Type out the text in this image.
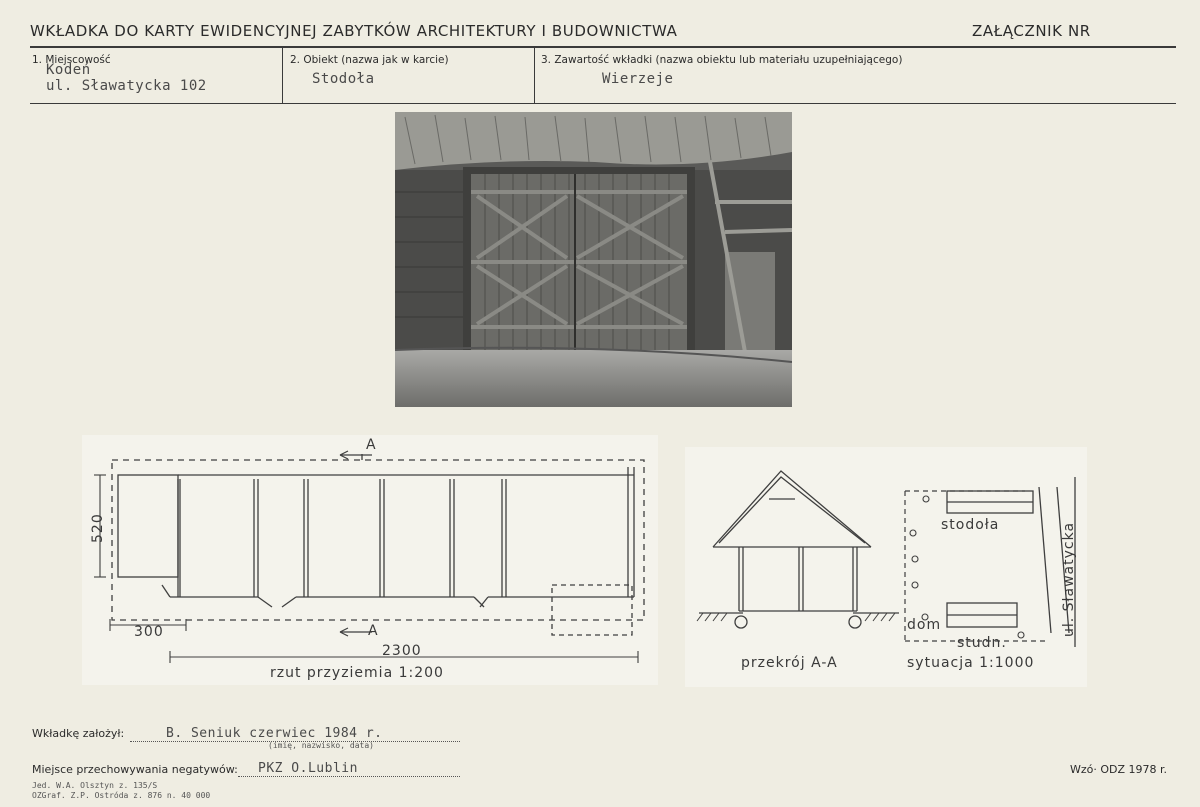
WKŁADKA DO KARTY EWIDENCYJNEJ ZABYTKÓW ARCHITEKTURY I BUDOWNICTWA	ZAŁĄCZNIK NR
1. Miejscowość
Kodeń
ul. Sławatycka 102
2. Obiekt (nazwa jak w karcie)
Stodoła
3. Zawartość wkładki (nazwa obiektu lub materiału uzupełniającego)
Wierzeje
A
A
520
300
2300
rzut przyziemia 1:200
przekrój A-A
stodoła
dom
studn.
ul. Sławatycka
sytuacja 1:1000
Wkładkę założył:	B. Seniuk czerwiec 1984 r.
(imię, nazwisko, data)
Miejsce przechowywania negatywów: PKZ O.Lublin
Jed. W.A. Olsztyn z. 135/S
OZGraf. Z.P. Ostróda z. 876 n. 40 000
Wzó· ODZ 1978 r.
